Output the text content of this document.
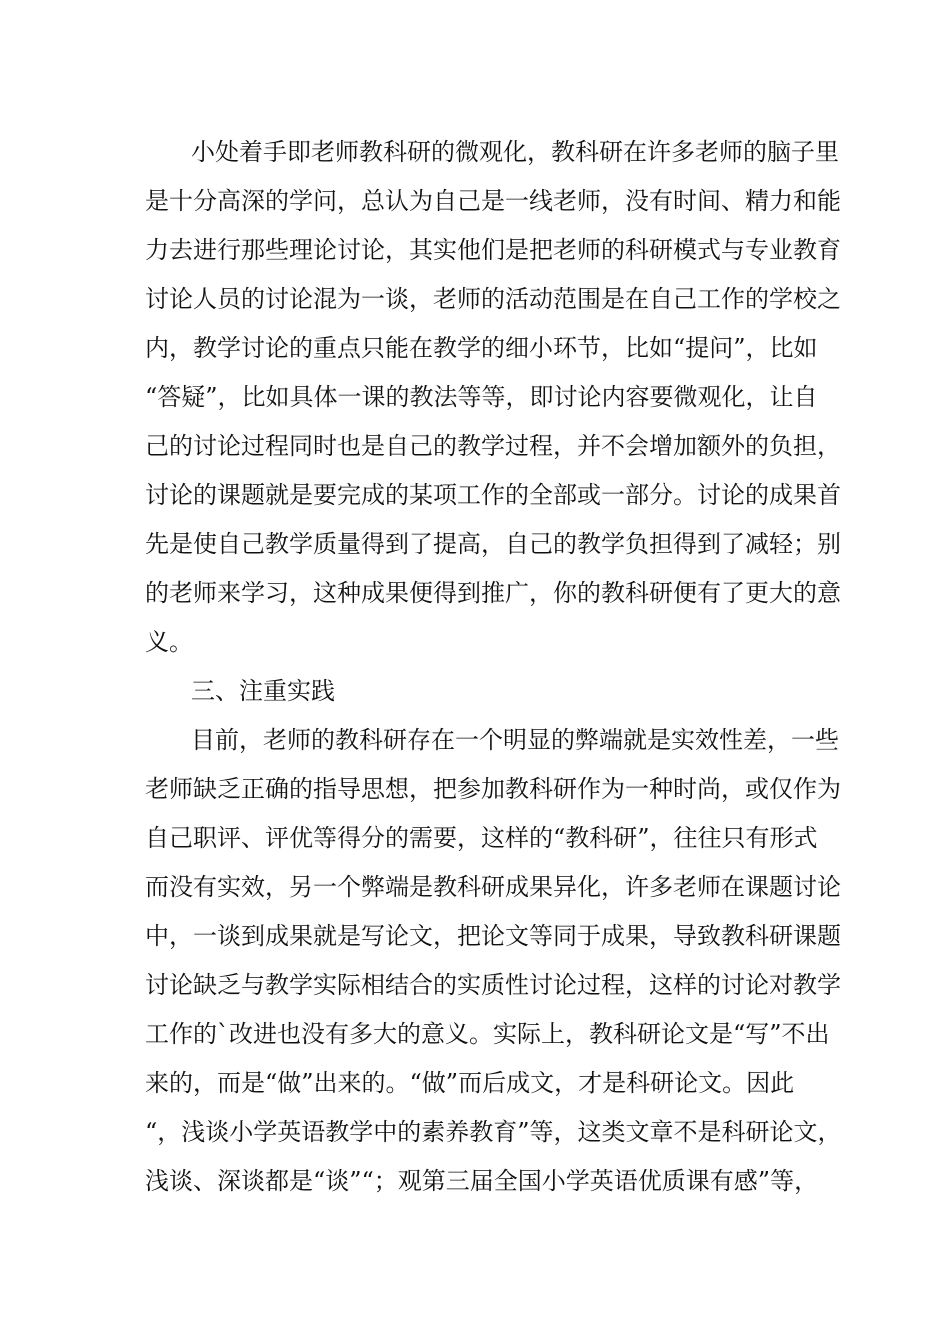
小处着手即老师教科研的微观化，教科研在许多老师的脑子里
是十分高深的学问，总认为自己是一线老师，没有时间、精力和能
力去进行那些理论讨论，其实他们是把老师的科研模式与专业教育
讨论人员的讨论混为一谈，老师的活动范围是在自己工作的学校之
内，教学讨论的重点只能在教学的细小环节，比如“提问”，比如
“答疑”，比如具体一课的教法等等，即讨论内容要微观化，让自
己的讨论过程同时也是自己的教学过程，并不会增加额外的负担，
讨论的课题就是要完成的某项工作的全部或一部分。讨论的成果首
先是使自己教学质量得到了提高，自己的教学负担得到了减轻；别
的老师来学习，这种成果便得到推广，你的教科研便有了更大的意
义。
三、注重实践
目前，老师的教科研存在一个明显的弊端就是实效性差，一些
老师缺乏正确的指导思想，把参加教科研作为一种时尚，或仅作为
自己职评、评优等得分的需要，这样的“教科研”，往往只有形式
而没有实效，另一个弊端是教科研成果异化，许多老师在课题讨论
中，一谈到成果就是写论文，把论文等同于成果，导致教科研课题
讨论缺乏与教学实际相结合的实质性讨论过程，这样的讨论对教学
工作的`改进也没有多大的意义。实际上，教科研论文是“写”不出
来的，而是“做”出来的。“做”而后成文，才是科研论文。因此
“，浅谈小学英语教学中的素养教育”等，这类文章不是科研论文，
浅谈、深谈都是“谈”“；观第三届全国小学英语优质课有感”等，
